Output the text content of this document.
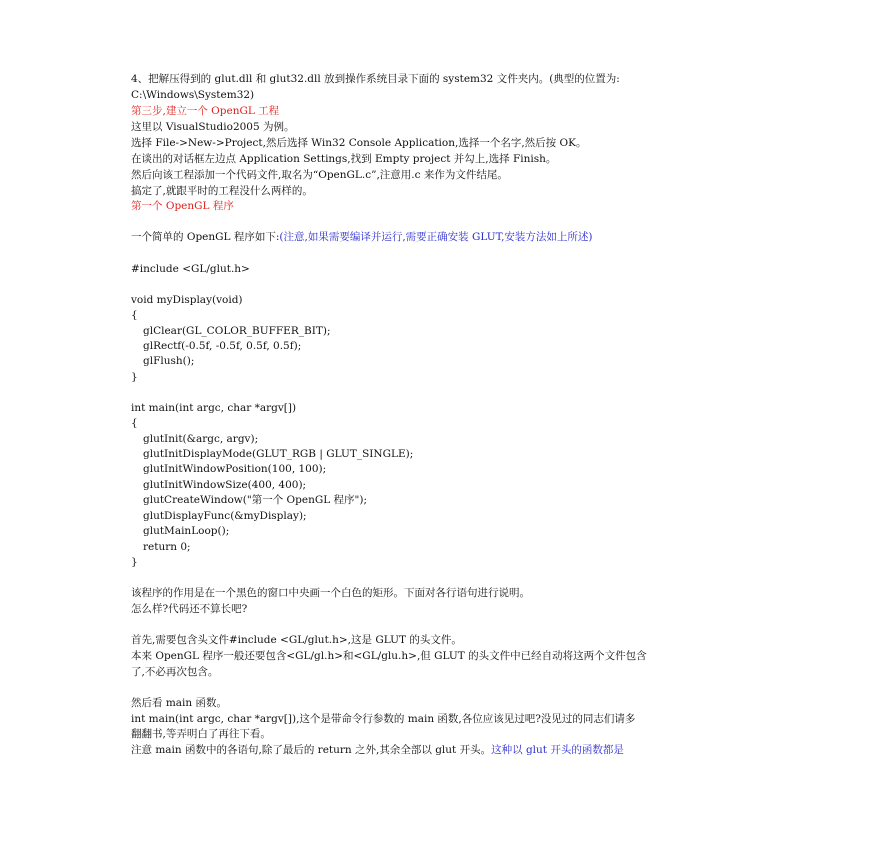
4、把解压得到的 glut.dll 和 glut32.dll 放到操作系统目录下面的 system32 文件夹内。(典型的位置为:
C:\Windows\System32)
第三步,建立一个 OpenGL 工程
这里以 VisualStudio2005 为例。
选择 File->New->Project,然后选择 Win32 Console Application,选择一个名字,然后按 OK。
在谈出的对话框左边点 Application Settings,找到 Empty project 并勾上,选择 Finish。
然后向该工程添加一个代码文件,取名为“OpenGL.c”,注意用.c 来作为文件结尾。
搞定了,就跟平时的工程没什么两样的。
第一个 OpenGL 程序
一个简单的 OpenGL 程序如下:(注意,如果需要编译并运行,需要正确安装 GLUT,安装方法如上所述)
#include <GL/glut.h>
void myDisplay(void)
{
glClear(GL_COLOR_BUFFER_BIT);
glRectf(-0.5f, -0.5f, 0.5f, 0.5f);
glFlush();
}
int main(int argc, char *argv[])
{
glutInit(&argc, argv);
glutInitDisplayMode(GLUT_RGB | GLUT_SINGLE);
glutInitWindowPosition(100, 100);
glutInitWindowSize(400, 400);
glutCreateWindow("第一个 OpenGL 程序");
glutDisplayFunc(&myDisplay);
glutMainLoop();
return 0;
}
该程序的作用是在一个黑色的窗口中央画一个白色的矩形。下面对各行语句进行说明。
怎么样?代码还不算长吧?
首先,需要包含头文件#include <GL/glut.h>,这是 GLUT 的头文件。
本来 OpenGL 程序一般还要包含<GL/gl.h>和<GL/glu.h>,但 GLUT 的头文件中已经自动将这两个文件包含
了,不必再次包含。
然后看 main 函数。
int main(int argc, char *argv[]),这个是带命令行参数的 main 函数,各位应该见过吧?没见过的同志们请多
翻翻书,等弄明白了再往下看。
注意 main 函数中的各语句,除了最后的 return 之外,其余全部以 glut 开头。这种以 glut 开头的函数都是
